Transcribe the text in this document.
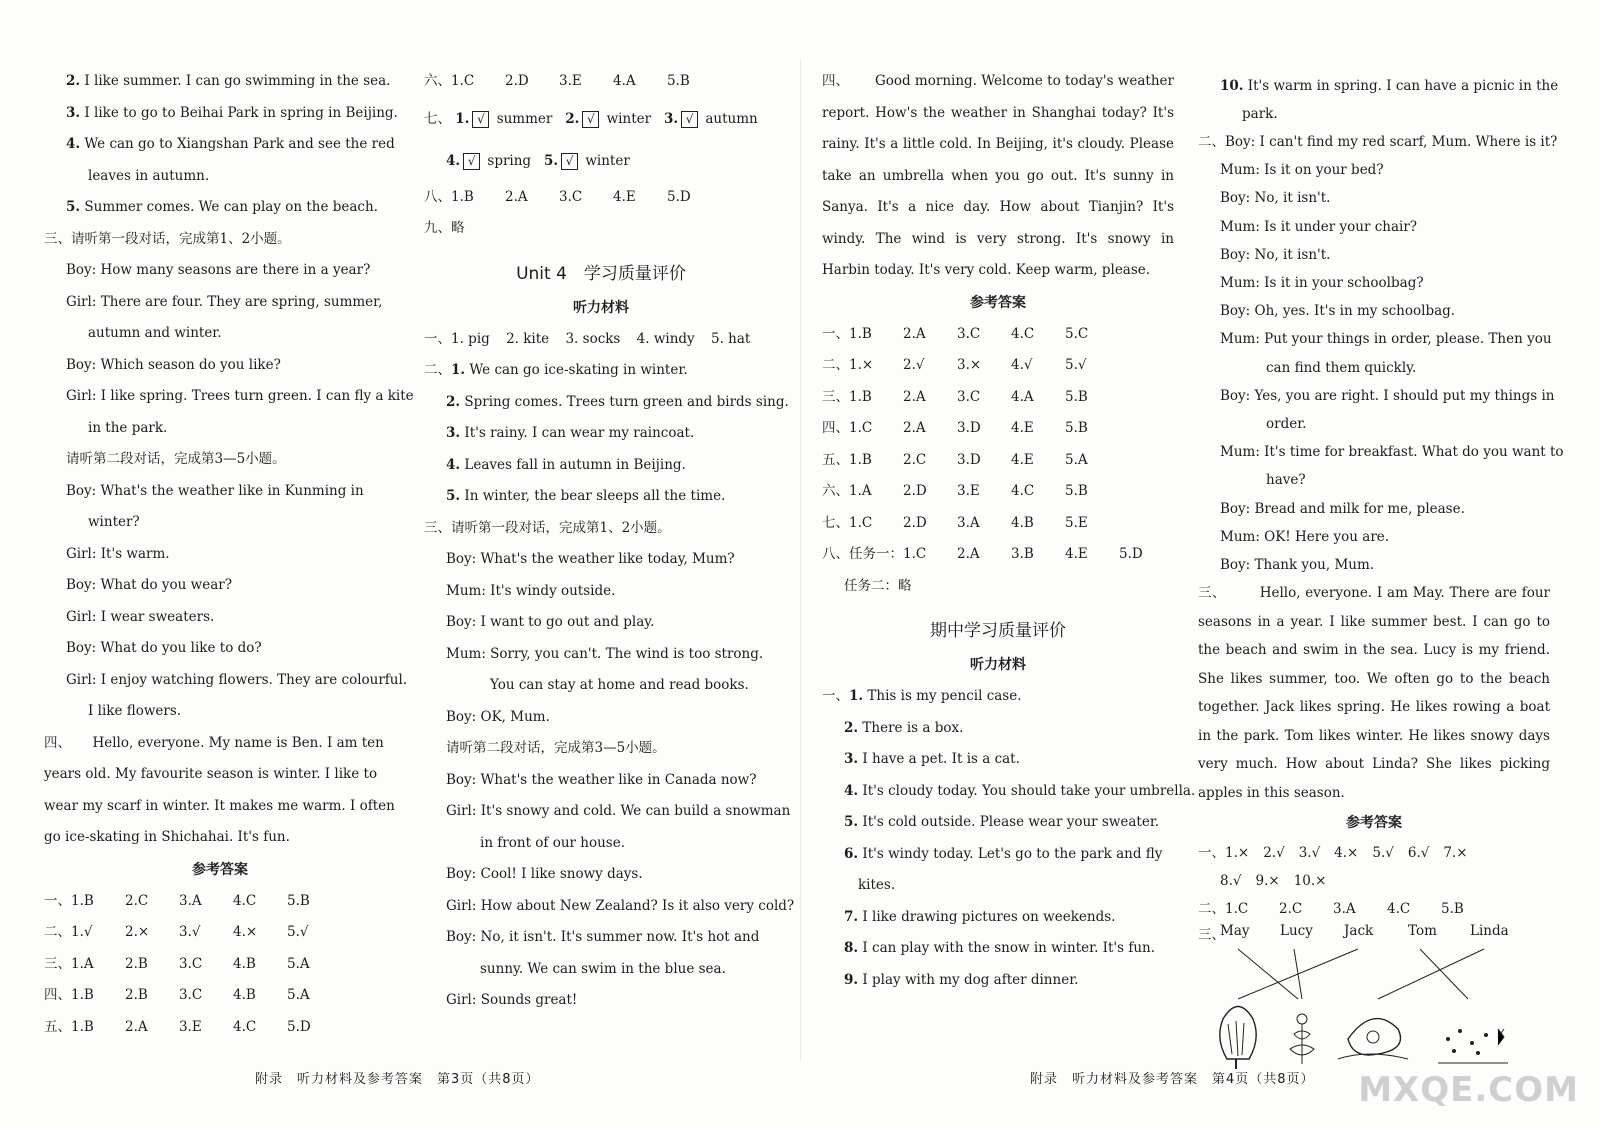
2. I like summer. I can go swimming in the sea.
3. I like to go to Beihai Park in spring in Beijing.
4. We can go to Xiangshan Park and see the red
leaves in autumn.
5. Summer comes. We can play on the beach.
三、请听第一段对话，完成第1、2小题。
Boy: How many seasons are there in a year?
Girl: There are four. They are spring, summer,
autumn and winter.
Boy: Which season do you like?
Girl: I like spring. Trees turn green. I can fly a kite
in the park.
请听第二段对话，完成第3—5小题。
Boy: What's the weather like in Kunming in
winter?
Girl: It's warm.
Boy: What do you wear?
Girl: I wear sweaters.
Boy: What do you like to do?
Girl: I enjoy watching flowers. They are colourful.
I like flowers.
四、 Hello, everyone. My name is Ben. I am ten years old. My favourite season is winter. I like to wear my scarf in winter. It makes me warm. I often go ice-skating in Shichahai. It's fun.
参考答案
一、1.B 2.C 3.A 4.C 5.B
二、1.√ 2.× 3.√ 4.× 5.√
三、1.A 2.B 3.C 4.B 5.A
四、1.B 2.B 3.C 4.B 5.A
五、1.B 2.A 3.E 4.C 5.D
六、1.C 2.D 3.E 4.A 5.B
七、 1. √ summer 2. √ winter 3. √ autumn
4. √ spring 5. √ winter
八、1.B 2.A 3.C 4.E 5.D
九、略
Unit 4　学习质量评价
听力材料
一、1. pig 2. kite 3. socks 4. windy 5. hat
二、1. We can go ice-skating in winter.
2. Spring comes. Trees turn green and birds sing.
3. It's rainy. I can wear my raincoat.
4. Leaves fall in autumn in Beijing.
5. In winter, the bear sleeps all the time.
三、请听第一段对话，完成第1、2小题。
Boy: What's the weather like today, Mum?
Mum: It's windy outside.
Boy: I want to go out and play.
Mum: Sorry, you can't. The wind is too strong.
You can stay at home and read books.
Boy: OK, Mum.
请听第二段对话，完成第3—5小题。
Boy: What's the weather like in Canada now?
Girl: It's snowy and cold. We can build a snowman
in front of our house.
Boy: Cool! I like snowy days.
Girl: How about New Zealand? Is it also very cold?
Boy: No, it isn't. It's summer now. It's hot and
sunny. We can swim in the blue sea.
Girl: Sounds great!
附录　听力材料及参考答案　第3页（共8页）
四、 Good morning. Welcome to today's weather report. How's the weather in Shanghai today? It's rainy. It's a little cold. In Beijing, it's cloudy. Please take an umbrella when you go out. It's sunny in Sanya. It's a nice day. How about Tianjin? It's windy. The wind is very strong. It's snowy in Harbin today. It's very cold. Keep warm, please.
参考答案
一、1.B 2.A 3.C 4.C 5.C
二、1.× 2.√ 3.× 4.√ 5.√
三、1.B 2.A 3.C 4.A 5.B
四、1.C 2.A 3.D 4.E 5.B
五、1.B 2.C 3.D 4.E 5.A
六、1.A 2.D 3.E 4.C 5.B
七、1.C 2.D 3.A 4.B 5.E
八、任务一：1.C 2.A 3.B 4.E 5.D
任务二：略
期中学习质量评价
听力材料
一、1. This is my pencil case.
2. There is a box.
3. I have a pet. It is a cat.
4. It's cloudy today. You should take your umbrella.
5. It's cold outside. Please wear your sweater.
6. It's windy today. Let's go to the park and fly
kites.
7. I like drawing pictures on weekends.
8. I can play with the snow in winter. It's fun.
9. I play with my dog after dinner.
10. It's warm in spring. I can have a picnic in the
park.
二、Boy: I can't find my red scarf, Mum. Where is it?
Mum: Is it on your bed?
Boy: No, it isn't.
Mum: Is it under your chair?
Boy: No, it isn't.
Mum: Is it in your schoolbag?
Boy: Oh, yes. It's in my schoolbag.
Mum: Put your things in order, please. Then you
can find them quickly.
Boy: Yes, you are right. I should put my things in
order.
Mum: It's time for breakfast. What do you want to
have?
Boy: Bread and milk for me, please.
Mum: OK! Here you are.
Boy: Thank you, Mum.
三、 Hello, everyone. I am May. There are four seasons in a year. I like summer best. I can go to the beach and swim in the sea. Lucy is my friend. She likes summer, too. We often go to the beach together. Jack likes spring. He likes rowing a boat in the park. Tom likes winter. He likes snowy days very much. How about Linda? She likes picking apples in this season.
参考答案
一、1.× 2.√ 3.√ 4.× 5.√ 6.√ 7.×
8.√ 9.× 10.×
二、1.C 2.C 3.A 4.C 5.B
三、
May Lucy Jack	Tom Linda
附录　听力材料及参考答案　第4页（共8页） MXQE.COM
